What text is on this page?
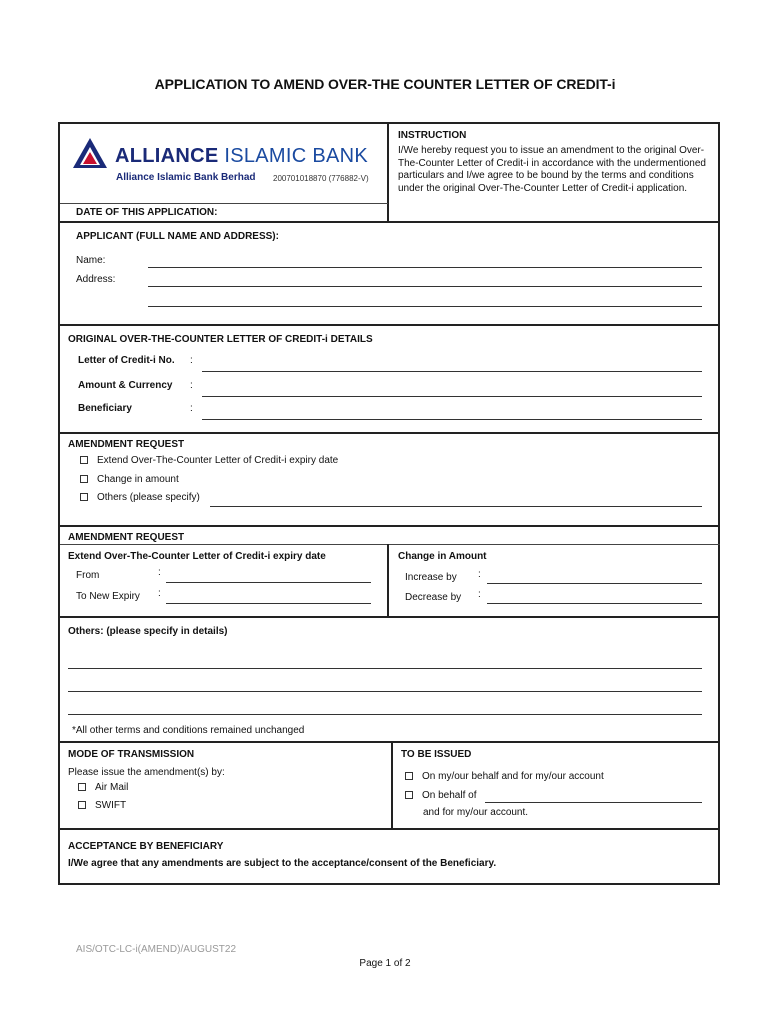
APPLICATION TO AMEND OVER-THE COUNTER LETTER OF CREDIT-i
ALLIANCE ISLAMIC BANK
Alliance Islamic Bank Berhad 200701018870 (776882-V)
INSTRUCTION
I/We hereby request you to issue an amendment to the original Over-The-Counter Letter of Credit-i in accordance with the undermentioned particulars and I/we agree to be bound by the terms and conditions under the original Over-The-Counter Letter of Credit-i application.
DATE OF THIS APPLICATION:
APPLICANT (FULL NAME AND ADDRESS):
Name:
Address:
ORIGINAL OVER-THE-COUNTER LETTER OF CREDIT-i DETAILS
Letter of Credit-i No. :
Amount & Currency :
Beneficiary	:
AMENDMENT REQUEST
Extend Over-The-Counter Letter of Credit-i expiry date
Change in amount
Others (please specify)
AMENDMENT REQUEST
Extend Over-The-Counter Letter of Credit-i expiry date
From	:
To New Expiry :
Change in Amount
Increase by :
Decrease by :
Others: (please specify in details)
*All other terms and conditions remained unchanged
MODE OF TRANSMISSION
Please issue the amendment(s) by:
Air Mail
SWIFT
TO BE ISSUED
On my/our behalf and for my/our account
On behalf of
and for my/our account.
ACCEPTANCE BY BENEFICIARY
I/We agree that any amendments are subject to the acceptance/consent of the Beneficiary.
AIS/OTC-LC-i(AMEND)/AUGUST22
Page 1 of 2
